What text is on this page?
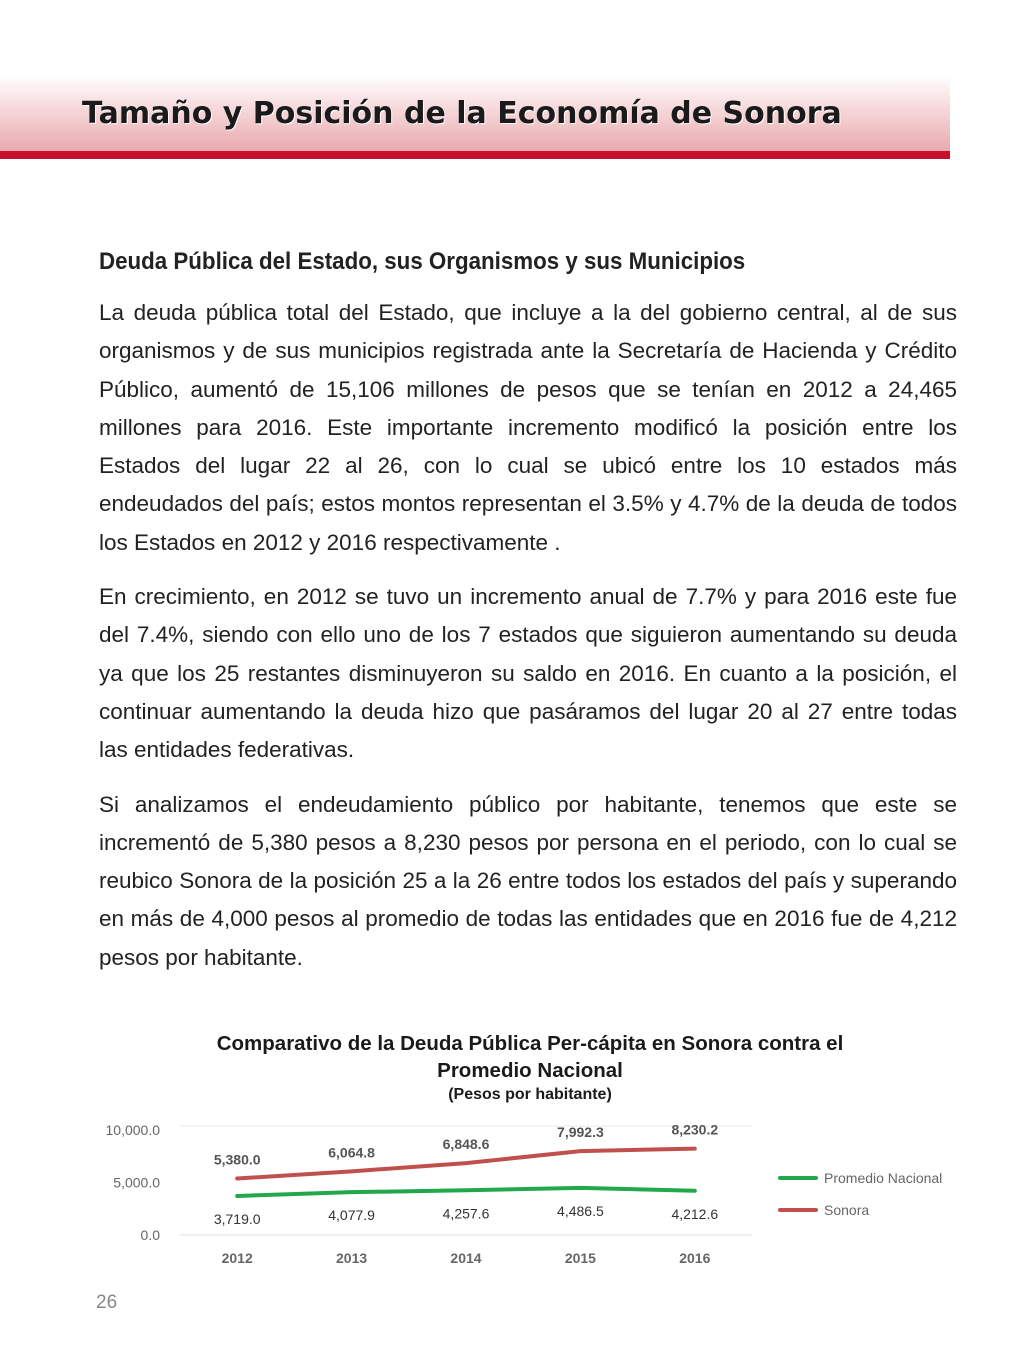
Tamaño y Posición de la Economía de Sonora
Deuda Pública del Estado, sus Organismos y sus Municipios

La deuda pública total del Estado, que incluye a la del gobierno central, al de sus organismos y de sus municipios registrada ante la Secretaría de Hacienda y Crédito Público, aumentó de 15,106 millones de pesos que se tenían en 2012 a 24,465 millones para 2016. Este importante incremento modificó la posición entre los Estados del lugar 22 al 26, con lo cual se ubicó entre los 10 estados más endeudados del país; estos montos representan el 3.5% y 4.7% de la deuda de todos los Estados en 2012 y 2016 respectivamente .

En crecimiento, en 2012 se tuvo un incremento anual de 7.7% y para 2016 este fue del 7.4%, siendo con ello uno de los 7 estados que siguieron aumentando su deuda ya que los 25 restantes disminuyeron su saldo en 2016. En cuanto a la posición, el continuar aumentando la deuda hizo que pasáramos del lugar 20 al 27 entre todas las entidades federativas.

Si analizamos el endeudamiento público por habitante, tenemos que este se incrementó de 5,380 pesos a 8,230 pesos por persona en el periodo, con lo cual se reubico Sonora de la posición 25 a la 26 entre todos los estados del país y superando en más de 4,000 pesos al promedio de todas las entidades que en 2016 fue de 4,212 pesos por habitante.

Comparativo de la Deuda Pública Per-cápita en Sonora contra el Promedio Nacional
(Pesos por habitante)
10,000.0
5,000.0
0.0
2012	2013	2014	2015	2016
3,719.0	4,077.9	4,257.6	4,486.5	4,212.6
5,380.0	6,064.8
6,848.6
7,992.3	8,230.2
Promedio Nacional
Sonora
26
